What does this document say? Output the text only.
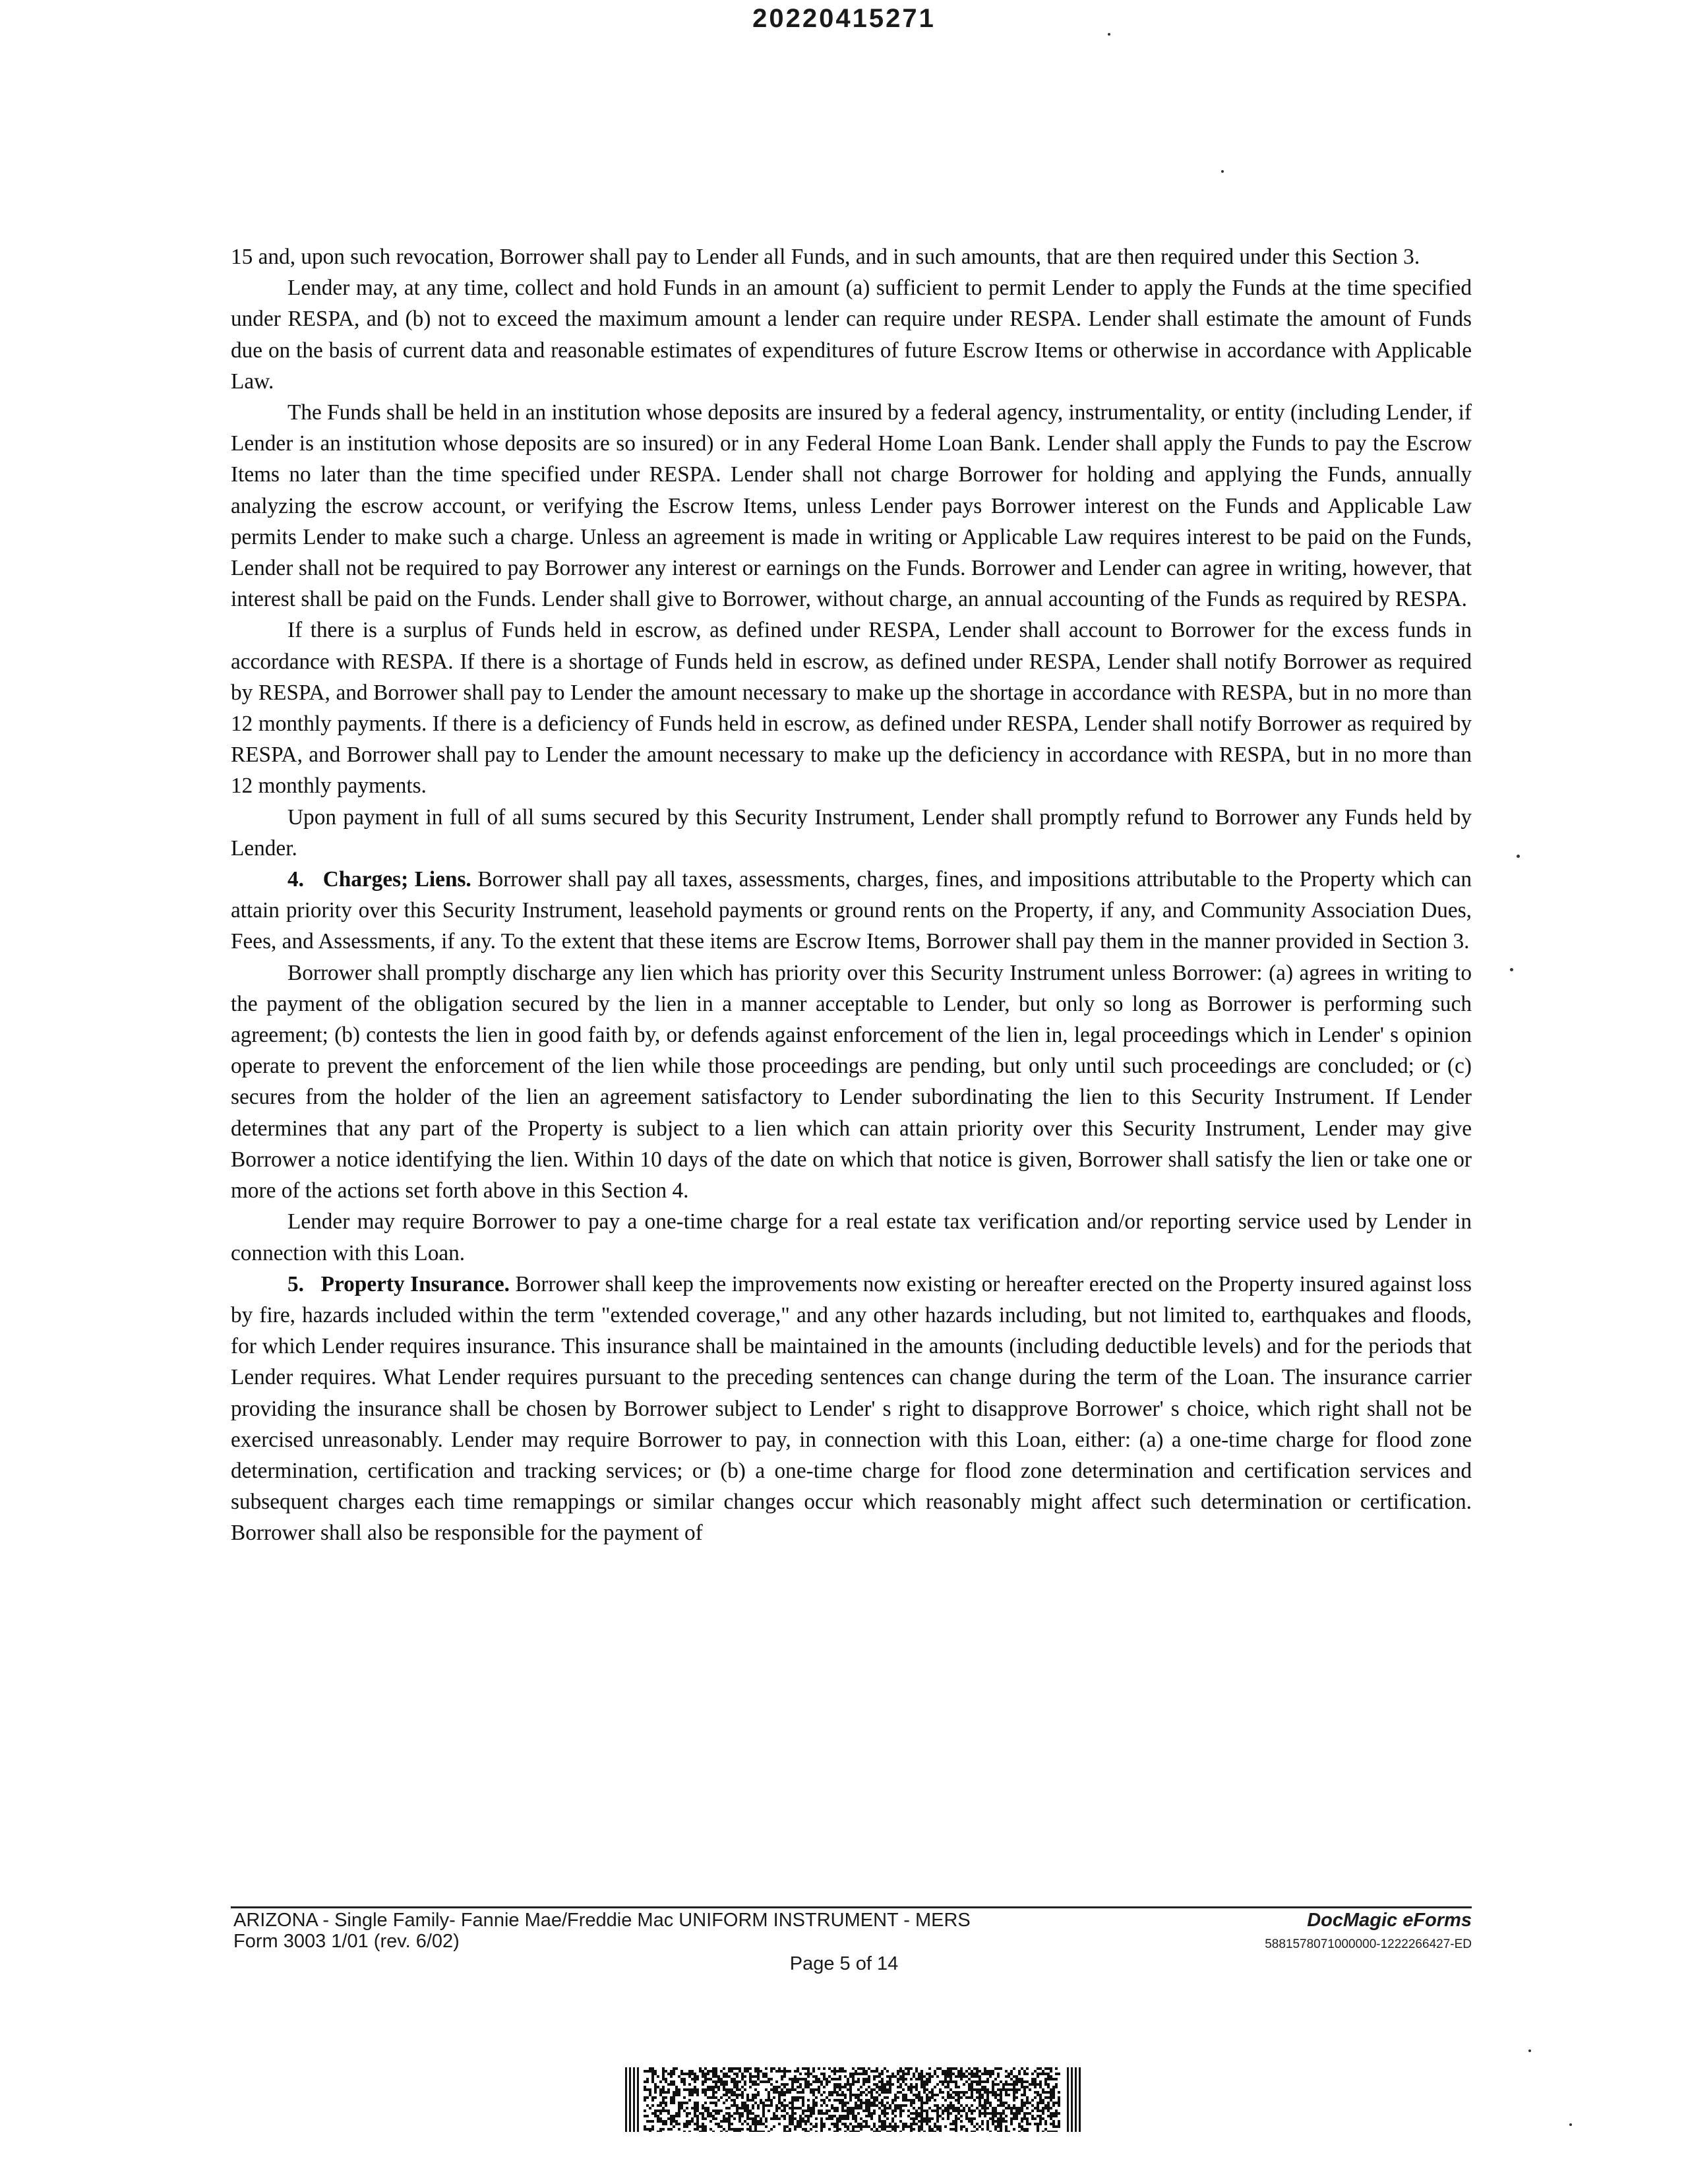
20220415271

15 and, upon such revocation, Borrower shall pay to Lender all Funds, and in such amounts, that are then required under this Section 3.

Lender may, at any time, collect and hold Funds in an amount (a) sufficient to permit Lender to apply the Funds at the time specified under RESPA, and (b) not to exceed the maximum amount a lender can require under RESPA. Lender shall estimate the amount of Funds due on the basis of current data and reasonable estimates of expenditures of future Escrow Items or otherwise in accordance with Applicable Law.

The Funds shall be held in an institution whose deposits are insured by a federal agency, instrumentality, or entity (including Lender, if Lender is an institution whose deposits are so insured) or in any Federal Home Loan Bank. Lender shall apply the Funds to pay the Escrow Items no later than the time specified under RESPA. Lender shall not charge Borrower for holding and applying the Funds, annually analyzing the escrow account, or verifying the Escrow Items, unless Lender pays Borrower interest on the Funds and Applicable Law permits Lender to make such a charge. Unless an agreement is made in writing or Applicable Law requires interest to be paid on the Funds, Lender shall not be required to pay Borrower any interest or earnings on the Funds. Borrower and Lender can agree in writing, however, that interest shall be paid on the Funds. Lender shall give to Borrower, without charge, an annual accounting of the Funds as required by RESPA.

If there is a surplus of Funds held in escrow, as defined under RESPA, Lender shall account to Borrower for the excess funds in accordance with RESPA. If there is a shortage of Funds held in escrow, as defined under RESPA, Lender shall notify Borrower as required by RESPA, and Borrower shall pay to Lender the amount necessary to make up the shortage in accordance with RESPA, but in no more than 12 monthly payments. If there is a deficiency of Funds held in escrow, as defined under RESPA, Lender shall notify Borrower as required by RESPA, and Borrower shall pay to Lender the amount necessary to make up the deficiency in accordance with RESPA, but in no more than 12 monthly payments.

Upon payment in full of all sums secured by this Security Instrument, Lender shall promptly refund to Borrower any Funds held by Lender.

4. Charges; Liens. Borrower shall pay all taxes, assessments, charges, fines, and impositions attributable to the Property which can attain priority over this Security Instrument, leasehold payments or ground rents on the Property, if any, and Community Association Dues, Fees, and Assessments, if any. To the extent that these items are Escrow Items, Borrower shall pay them in the manner provided in Section 3.

Borrower shall promptly discharge any lien which has priority over this Security Instrument unless Borrower: (a) agrees in writing to the payment of the obligation secured by the lien in a manner acceptable to Lender, but only so long as Borrower is performing such agreement; (b) contests the lien in good faith by, or defends against enforcement of the lien in, legal proceedings which in Lender' s opinion operate to prevent the enforcement of the lien while those proceedings are pending, but only until such proceedings are concluded; or (c) secures from the holder of the lien an agreement satisfactory to Lender subordinating the lien to this Security Instrument. If Lender determines that any part of the Property is subject to a lien which can attain priority over this Security Instrument, Lender may give Borrower a notice identifying the lien. Within 10 days of the date on which that notice is given, Borrower shall satisfy the lien or take one or more of the actions set forth above in this Section 4.

Lender may require Borrower to pay a one-time charge for a real estate tax verification and/or reporting service used by Lender in connection with this Loan.

5. Property Insurance. Borrower shall keep the improvements now existing or hereafter erected on the Property insured against loss by fire, hazards included within the term "extended coverage," and any other hazards including, but not limited to, earthquakes and floods, for which Lender requires insurance. This insurance shall be maintained in the amounts (including deductible levels) and for the periods that Lender requires. What Lender requires pursuant to the preceding sentences can change during the term of the Loan. The insurance carrier providing the insurance shall be chosen by Borrower subject to Lender' s right to disapprove Borrower' s choice, which right shall not be exercised unreasonably. Lender may require Borrower to pay, in connection with this Loan, either: (a) a one-time charge for flood zone determination, certification and tracking services; or (b) a one-time charge for flood zone determination and certification services and subsequent charges each time remappings or similar changes occur which reasonably might affect such determination or certification. Borrower shall also be responsible for the payment of

ARIZONA - Single Family- Fannie Mae/Freddie Mac UNIFORM INSTRUMENT - MERS
Form 3003 1/01 (rev. 6/02)
Page 5 of 14
DocMagic eForms
5881578071000000-1222266427-ED
